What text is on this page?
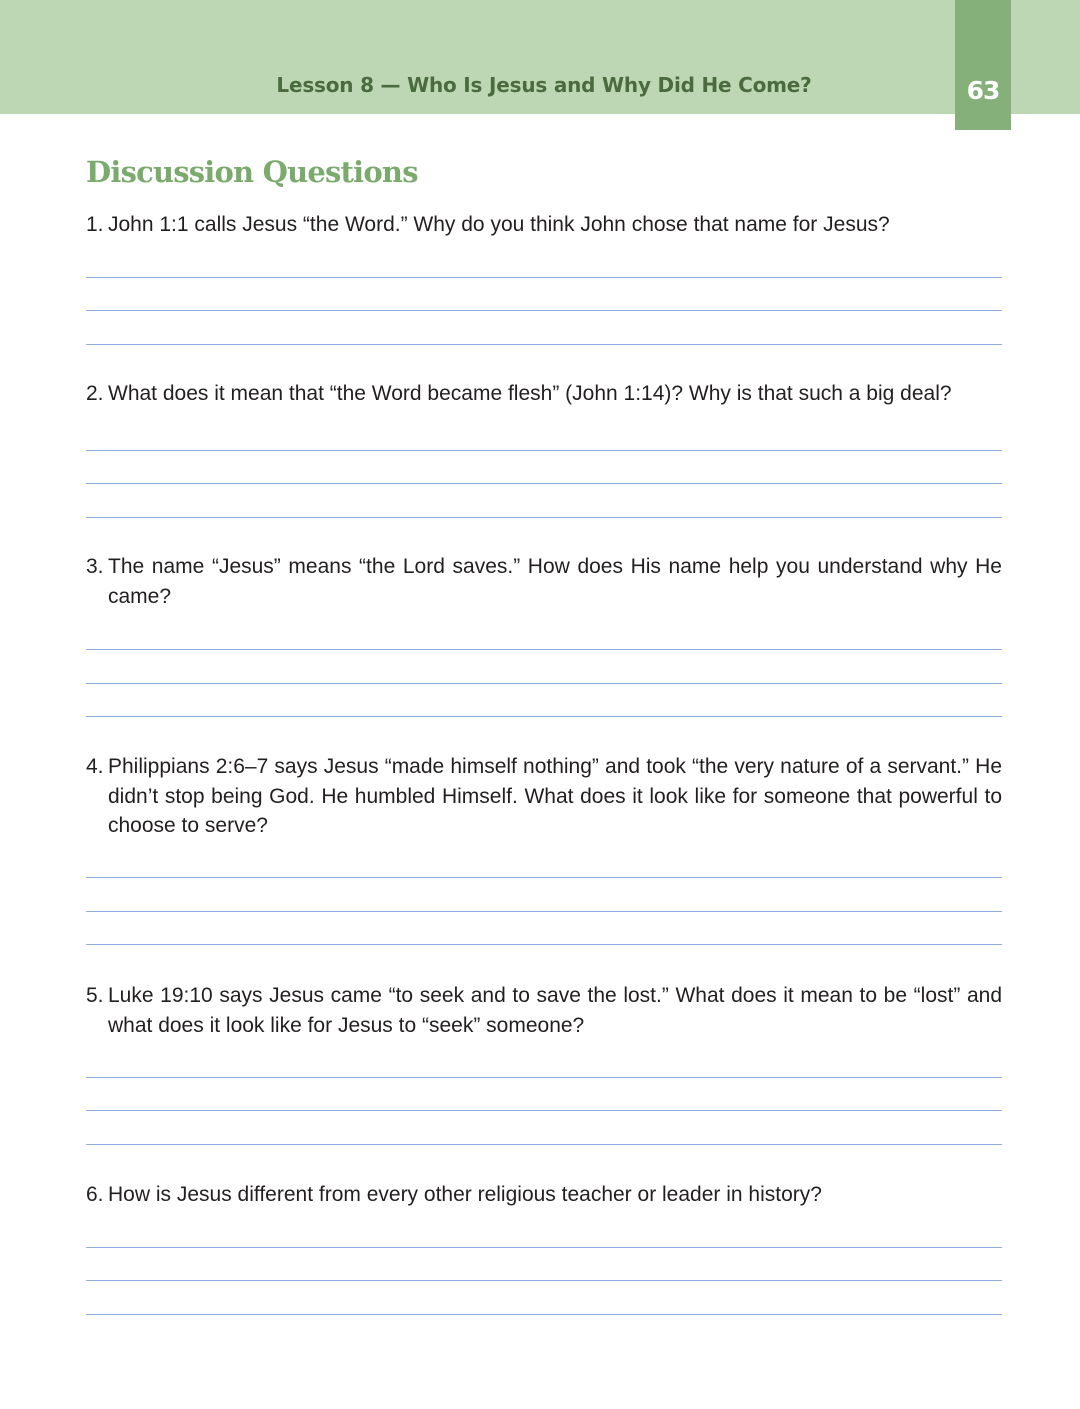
Lesson 8 — Who Is Jesus and Why Did He Come?	63
Discussion Questions
1. John 1:1 calls Jesus “the Word.” Why do you think John chose that name for Jesus?
2. What does it mean that “the Word became flesh” (John 1:14)? Why is that such a big deal?
3. The name “Jesus” means “the Lord saves.” How does His name help you understand why He came?
4. Philippians 2:6–7 says Jesus “made himself nothing” and took “the very nature of a servant.” He didn’t stop being God. He humbled Himself. What does it look like for someone that powerful to choose to serve?
5. Luke 19:10 says Jesus came “to seek and to save the lost.” What does it mean to be “lost” and what does it look like for Jesus to “seek” someone?
6. How is Jesus different from every other religious teacher or leader in history?
